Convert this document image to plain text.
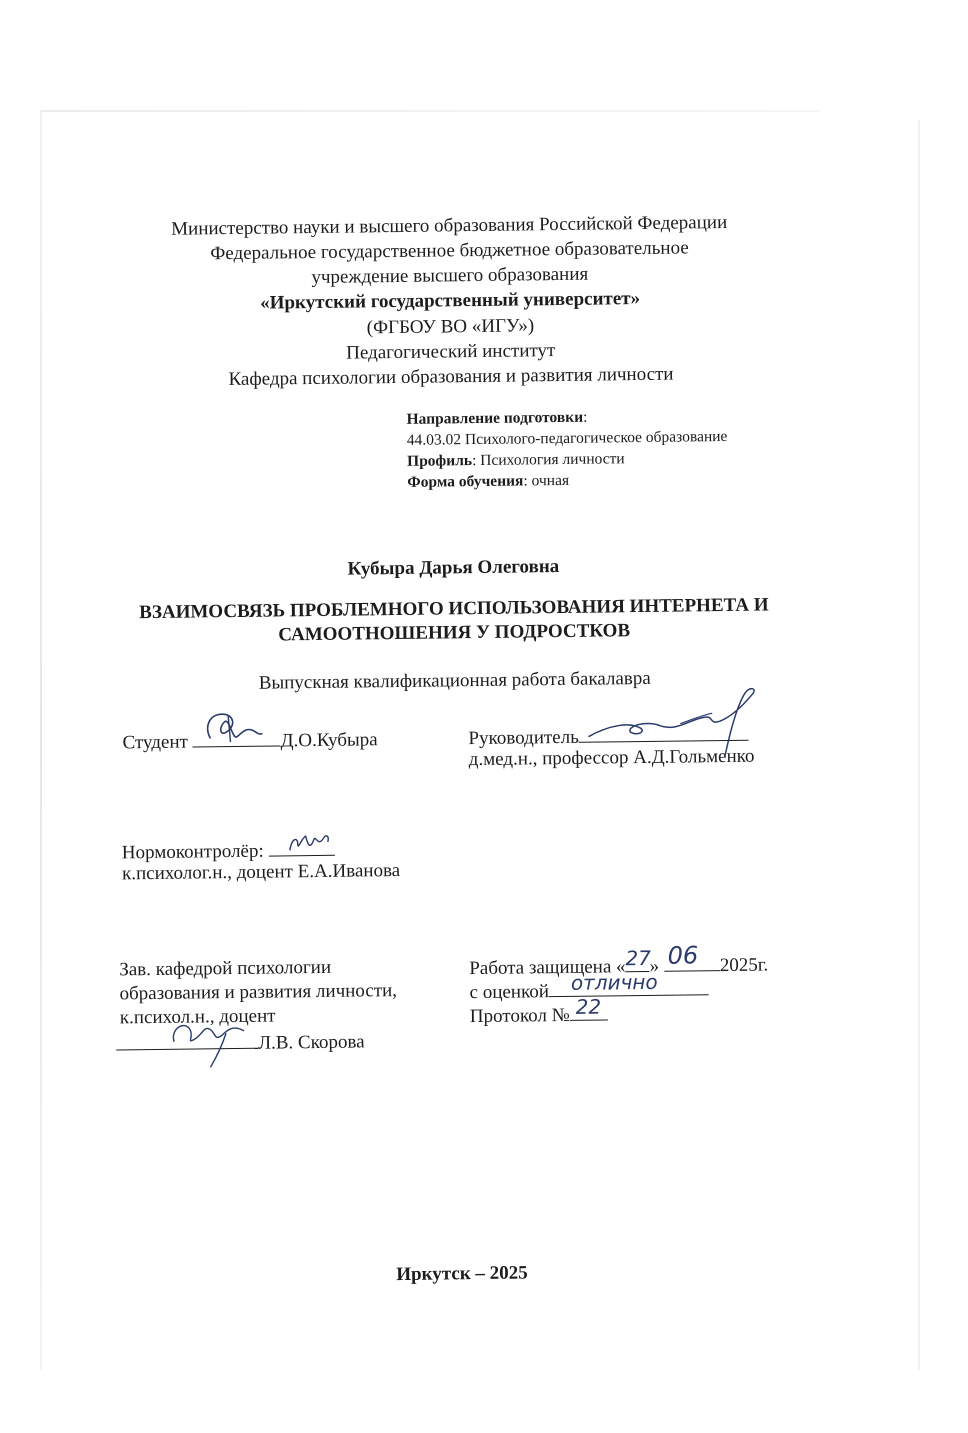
Министерство науки и высшего образования Российской Федерации
Федеральное государственное бюджетное образовательное
учреждение высшего образования
«Иркутский государственный университет»
(ФГБОУ ВО «ИГУ»)
Педагогический институт
Кафедра психологии образования и развития личности
Направление подготовки:
44.03.02 Психолого-педагогическое образование
Профиль: Психология личности
Форма обучения: очная
Кубыра Дарья Олеговна
ВЗАИМОСВЯЗЬ ПРОБЛЕМНОГО ИСПОЛЬЗОВАНИЯ ИНТЕРНЕТА И
САМООТНОШЕНИЯ У ПОДРОСТКОВ
Выпускная квалификационная работа бакалавра
Студент	Д.О.Кубыра	Руководитель
д.мед.н., профессор А.Д.Гольменко
Нормоконтролёр:
к.психолог.н., доцент Е.А.Иванова
Зав. кафедрой психологии
образования и развития личности,
к.психол.н., доцент
Л.В. Скорова
Работа защищена « 27
» 06 2025г.
с оценкой отлично
Протокол № 22
Иркутск – 2025
